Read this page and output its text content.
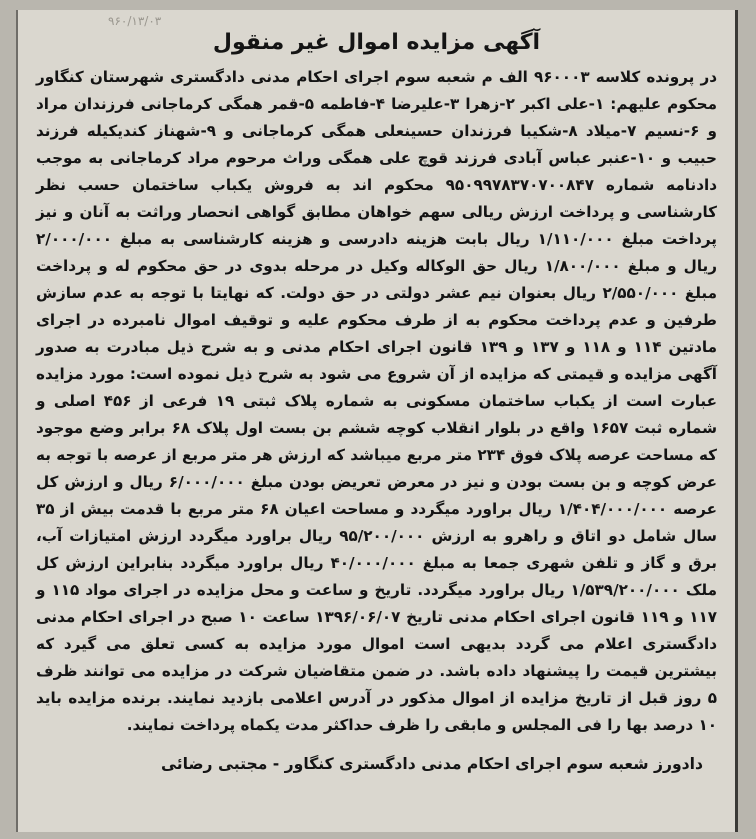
۹۶۰/۱۳/۰۳
آگهی مزایده اموال غیر منقول

در پرونده کلاسه ۹۶۰۰۰۳ الف م شعبه سوم اجرای احکام مدنی دادگستری شهرستان کنگاور محکوم علیهم: ۱-علی اکبر ۲-زهرا ۳-علیرضا ۴-فاطمه ۵-قمر همگی کرماجانی فرزندان مراد و ۶-نسیم ۷-میلاد ۸-شکیبا فرزندان حسینعلی همگی کرماجانی و ۹-شهناز کندیکیله فرزند حبیب و ۱۰-عنبر عباس آبادی فرزند قوچ علی همگی وراث مرحوم مراد کرماجانی به موجب دادنامه شماره ۹۵۰۹۹۷۸۳۷۰۷۰۰۸۴۷ محکوم اند به فروش یکباب ساختمان حسب نظر کارشناسی و پرداخت ارزش ریالی سهم خواهان مطابق گواهی انحصار وراثت به آنان و نیز پرداخت مبلغ ۱/۱۱۰/۰۰۰ ریال بابت هزینه دادرسی و هزینه کارشناسی به مبلغ ۲/۰۰۰/۰۰۰ ریال و مبلغ ۱/۸۰۰/۰۰۰ ریال حق الوکاله وکیل در مرحله بدوی در حق محکوم له و پرداخت مبلغ ۲/۵۵۰/۰۰۰ ریال بعنوان نیم عشر دولتی در حق دولت. که نهایتا با توجه به عدم سازش طرفین و عدم پرداخت محکوم به از طرف محکوم علیه و توقیف اموال نامبرده در اجرای مادتین ۱۱۴ و ۱۱۸ و ۱۳۷ و ۱۳۹ قانون اجرای احکام مدنی و به شرح ذیل مبادرت به صدور آگهی مزایده و قیمتی که مزایده از آن شروع می شود به شرح ذیل نموده است: مورد مزایده عبارت است از یکباب ساختمان مسکونی به شماره پلاک ثبتی ۱۹ فرعی از ۴۵۶ اصلی و شماره ثبت ۱۶۵۷ واقع در بلوار انقلاب کوچه ششم بن بست اول پلاک ۶۸ برابر وضع موجود که مساحت عرصه پلاک فوق ۲۳۴ متر مربع میباشد که ارزش هر متر مربع از عرصه با توجه به عرض کوچه و بن بست بودن و نیز در معرض تعریض بودن مبلغ ۶/۰۰۰/۰۰۰ ریال و ارزش کل عرصه ۱/۴۰۴/۰۰۰/۰۰۰ ریال براورد میگردد و مساحت اعیان ۶۸ متر مربع با قدمت بیش از ۳۵ سال شامل دو اتاق و راهرو به ارزش ۹۵/۲۰۰/۰۰۰ ریال براورد میگردد ارزش امتیازات آب، برق و گاز و تلفن شهری جمعا به مبلغ ۴۰/۰۰۰/۰۰۰ ریال براورد میگردد بنابراین ارزش کل ملک ۱/۵۳۹/۲۰۰/۰۰۰ ریال براورد میگردد. تاریخ و ساعت و محل مزایده در اجرای مواد ۱۱۵ و ۱۱۷ و ۱۱۹ قانون اجرای احکام مدنی تاریخ ۱۳۹۶/۰۶/۰۷ ساعت ۱۰ صبح در اجرای احکام مدنی دادگستری اعلام می گردد بدیهی است اموال مورد مزایده به کسی تعلق می گیرد که بیشترین قیمت را پیشنهاد داده باشد. در ضمن متقاضیان شرکت در مزایده می توانند ظرف ۵ روز قبل از تاریخ مزایده از اموال مذکور در آدرس اعلامی بازدید نمایند. برنده مزایده باید ۱۰ درصد بها را فی المجلس و مابقی را ظرف حداکثر مدت یکماه پرداخت نمایند.

دادورز شعبه سوم اجرای احکام مدنی دادگستری کنگاور - مجتبی رضائی
